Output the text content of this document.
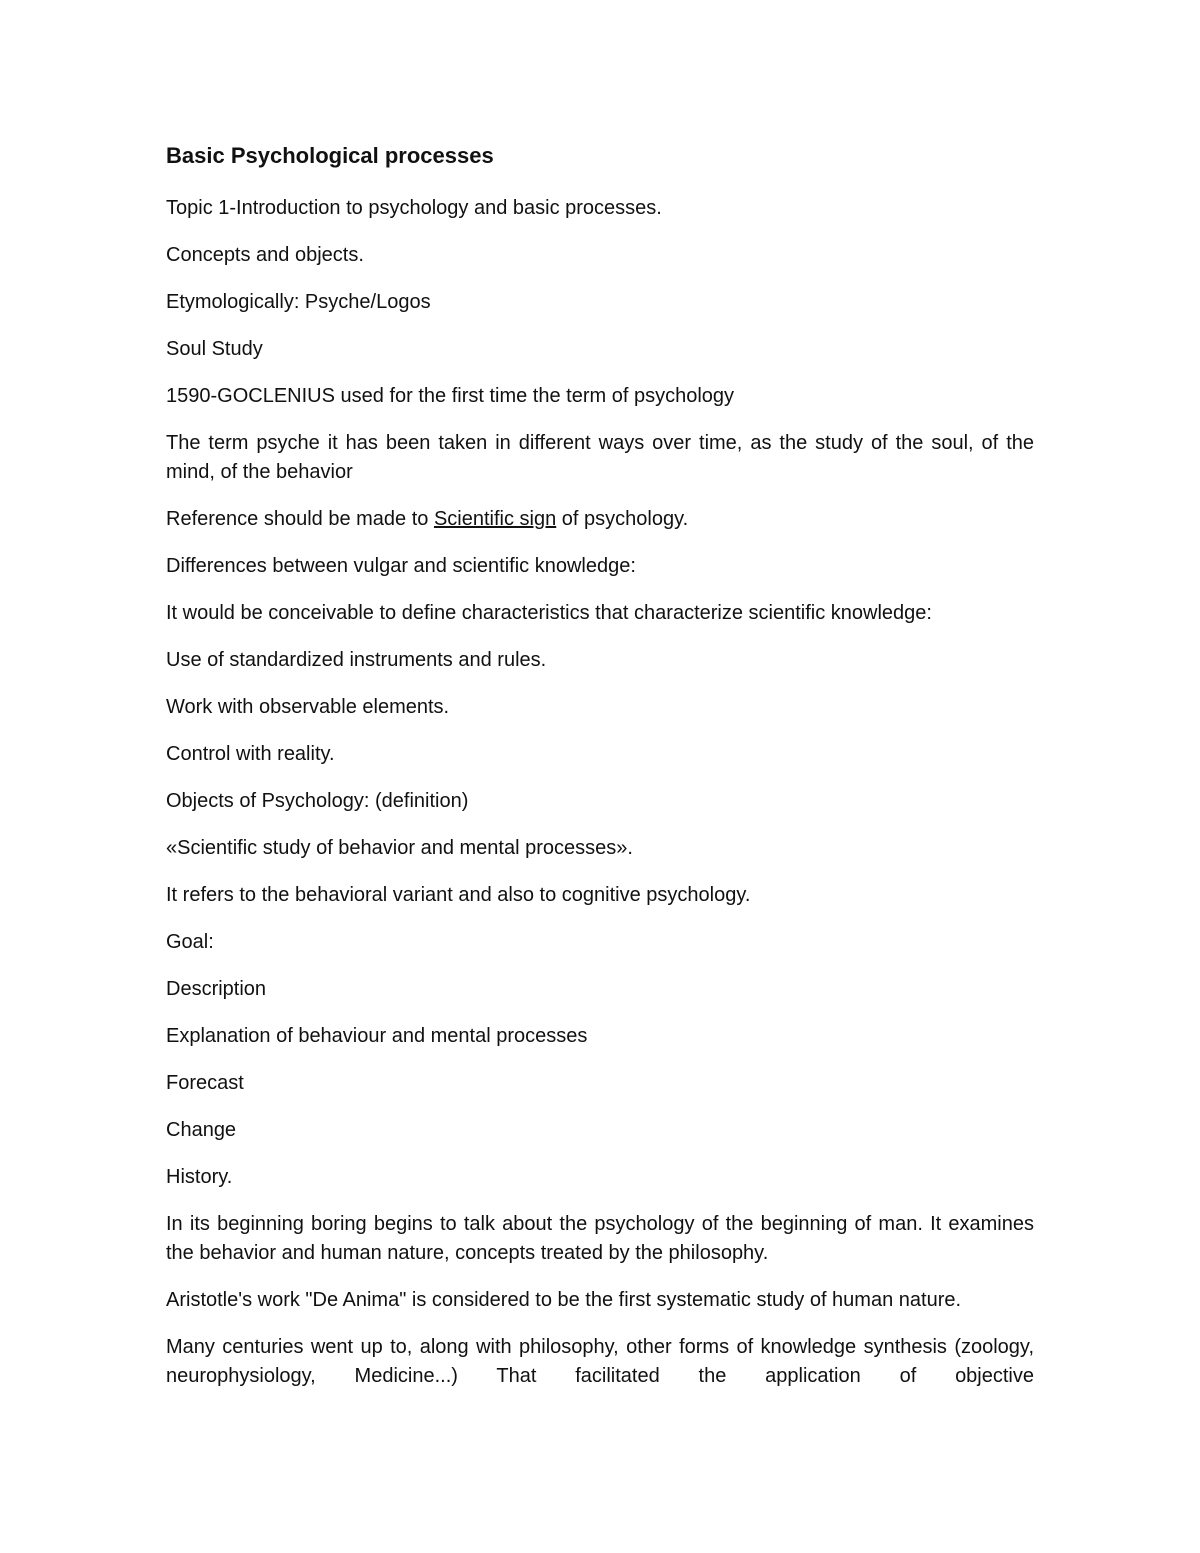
Basic Psychological processes

Topic 1-Introduction to psychology and basic processes.

Concepts and objects.

Etymologically: Psyche/Logos

Soul Study

1590-GOCLENIUS used for the first time the term of psychology

The term psyche it has been taken in different ways over time, as the study of the soul, of the mind, of the behavior

Reference should be made to Scientific sign of psychology.

Differences between vulgar and scientific knowledge:

It would be conceivable to define characteristics that characterize scientific knowledge:

Use of standardized instruments and rules.

Work with observable elements.

Control with reality.

Objects of Psychology: (definition)

«Scientific study of behavior and mental processes».

It refers to the behavioral variant and also to cognitive psychology.

Goal:

Description

Explanation of behaviour and mental processes

Forecast

Change

History.

In its beginning boring begins to talk about the psychology of the beginning of man. It examines the behavior and human nature, concepts treated by the philosophy.

Aristotle's work "De Anima" is considered to be the first systematic study of human nature.

Many centuries went up to, along with philosophy, other forms of knowledge synthesis (zoology, neurophysiology, Medicine...) That facilitated the application of objective
